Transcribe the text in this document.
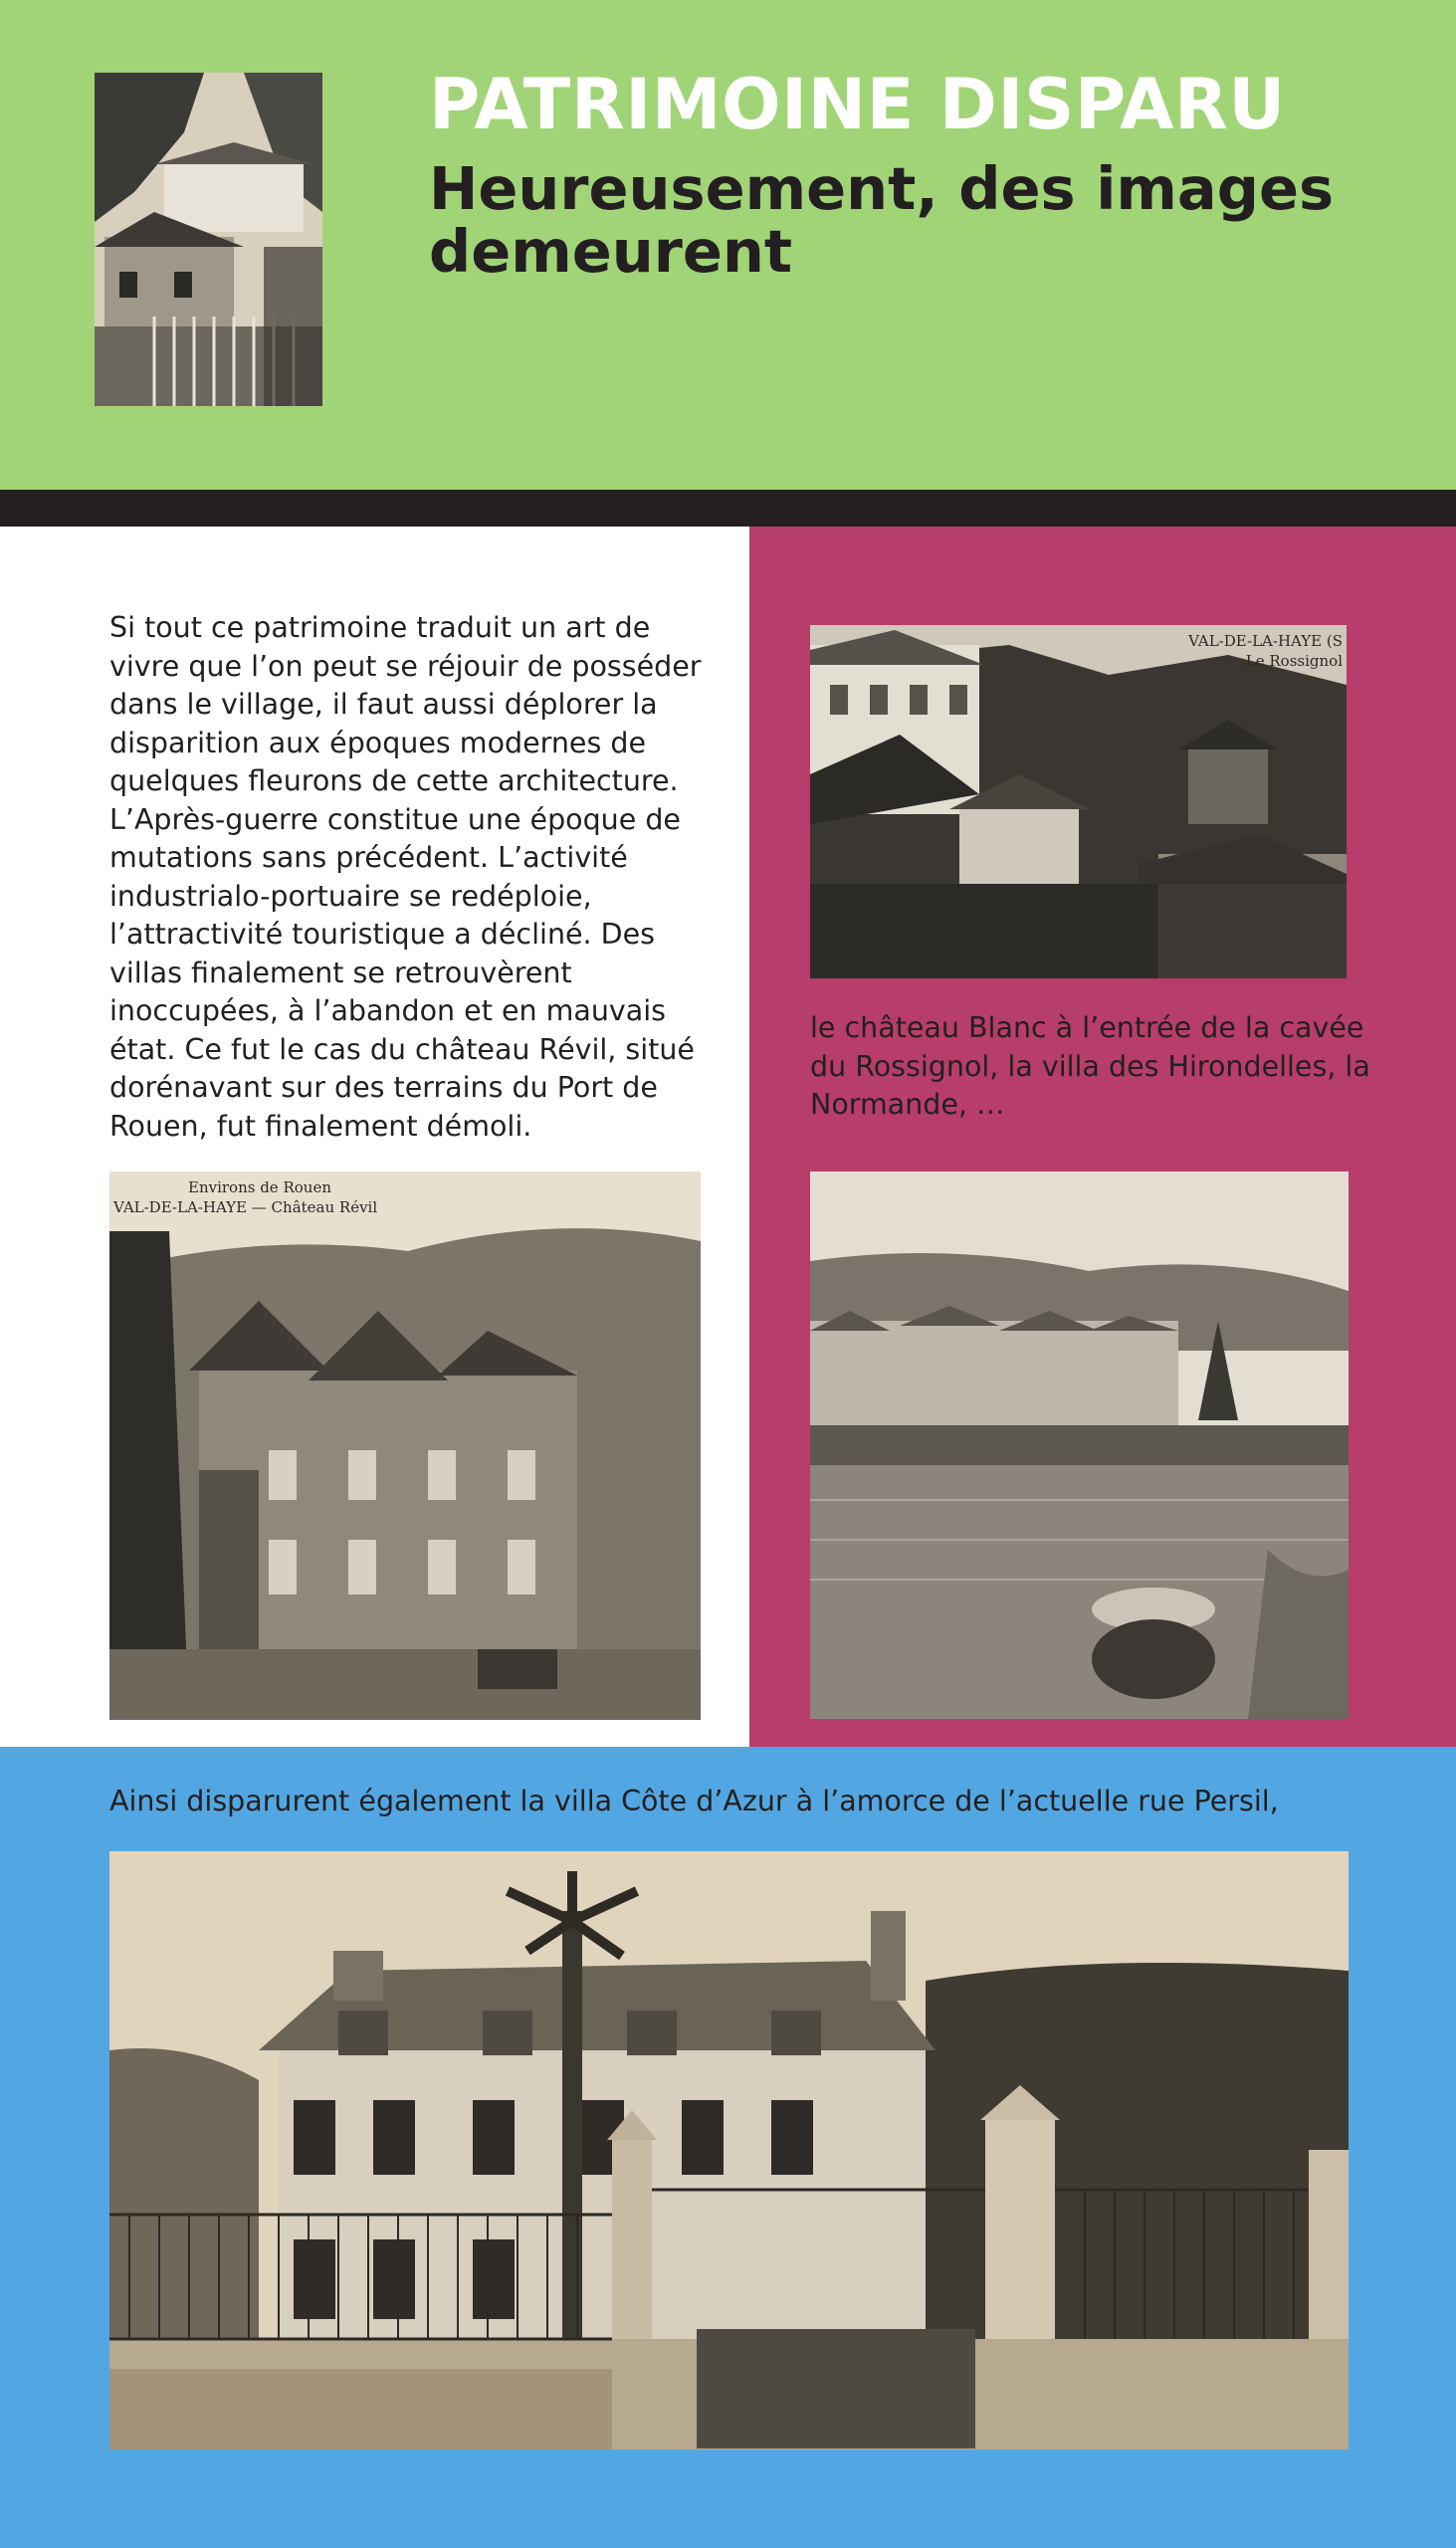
PATRIMOINE DISPARU
Heureusement, des images demeurent
Si tout ce patrimoine traduit un art de vivre que l’on peut se réjouir de posséder dans le village, il faut aussi déplorer la disparition aux époques modernes de quelques fleurons de cette architecture. L’Après-guerre constitue une époque de mutations sans précédent. L’activité industrialo-portuaire se redéploie, l’attractivité touristique a décliné. Des villas finalement se retrouvèrent inoccupées, à l’abandon et en mauvais état. Ce fut le cas du château Révil, situé dorénavant sur des terrains du Port de Rouen, fut finalement démoli.
VAL-DE-LA-HAYE (S
Le Rossignol
le château Blanc à l’entrée de la cavée du Rossignol, la villa des Hirondelles, la Normande, …
Environs de Rouen
VAL-DE-LA-HAYE — Château Révil
Ainsi disparurent également la villa Côte d’Azur à l’amorce de l’actuelle rue Persil,
